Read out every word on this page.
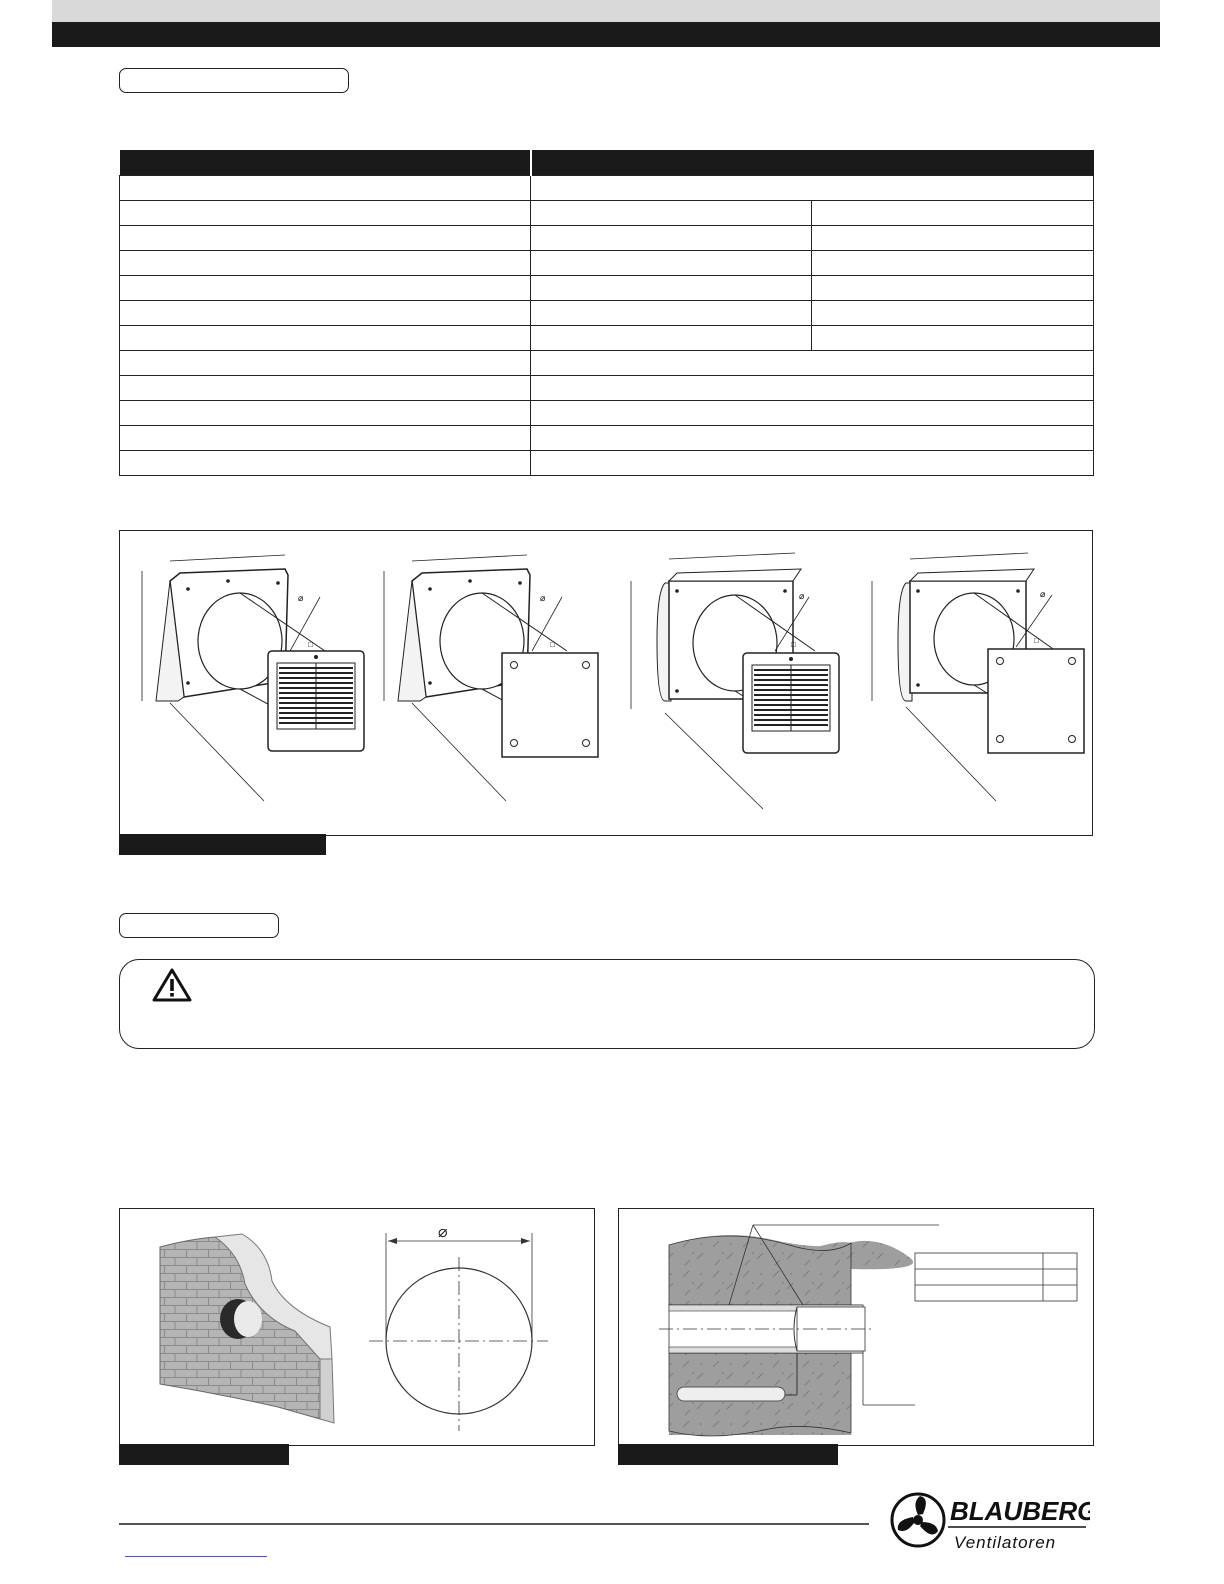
⌀
□
⌀
□
⌀
□
⌀
□
⌀
BLAUBERG
Ventilatoren
